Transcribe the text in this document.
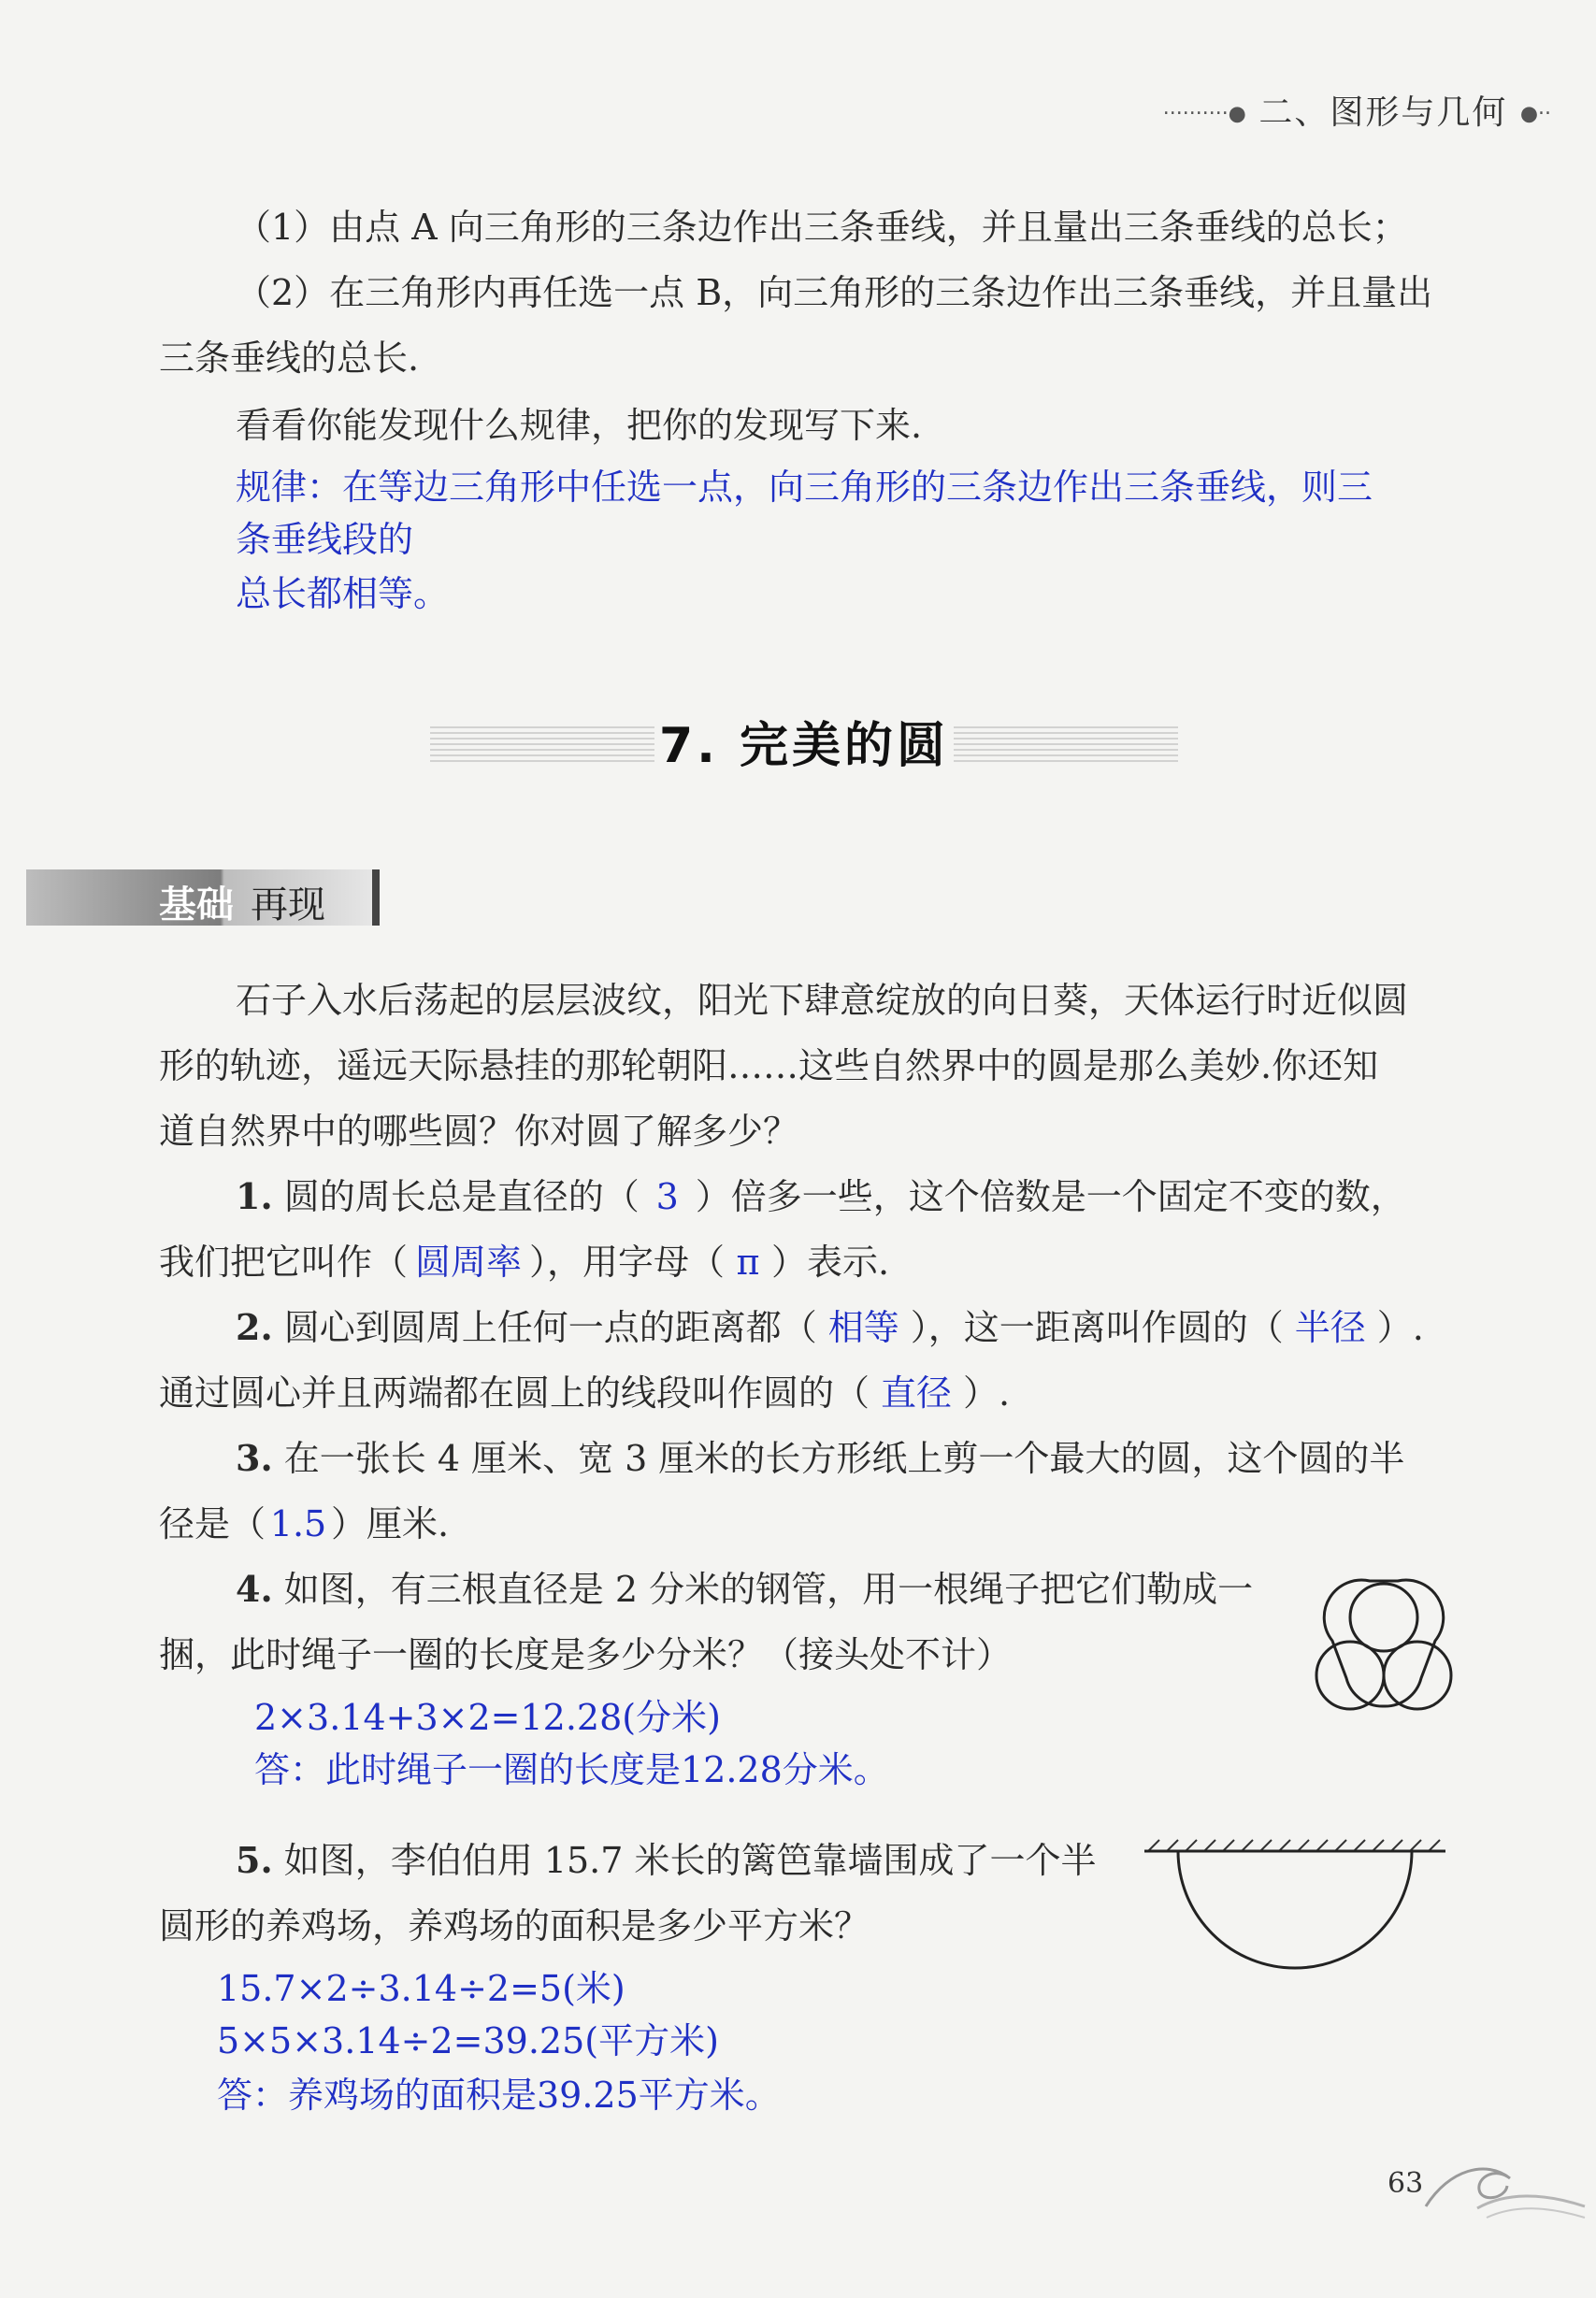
··········● 二、图形与几何 ●··
（1）由点 A 向三角形的三条边作出三条垂线，并且量出三条垂线的总长；
（2）在三角形内再任选一点 B，向三角形的三条边作出三条垂线，并且量出
三条垂线的总长.
看看你能发现什么规律，把你的发现写下来.
规律：在等边三角形中任选一点，向三角形的三条边作出三条垂线，则三
条垂线段的
总长都相等。
7. 完美的圆
基础 再现
石子入水后荡起的层层波纹，阳光下肆意绽放的向日葵，天体运行时近似圆
形的轨迹，遥远天际悬挂的那轮朝阳……这些自然界中的圆是那么美妙.你还知
道自然界中的哪些圆？你对圆了解多少？
1. 圆的周长总是直径的（ 3 ）倍多一些，这个倍数是一个固定不变的数，
我们把它叫作（ 圆周率 ），用字母（ π ）表示.
2. 圆心到圆周上任何一点的距离都（ 相等 ），这一距离叫作圆的（ 半径 ）.
通过圆心并且两端都在圆上的线段叫作圆的（ 直径 ）.
3. 在一张长 4 厘米、宽 3 厘米的长方形纸上剪一个最大的圆，这个圆的半
径是（ 1.5 ）厘米.
4. 如图，有三根直径是 2 分米的钢管，用一根绳子把它们勒成一
捆，此时绳子一圈的长度是多少分米？（接头处不计）
2×3.14+3×2=12.28(分米)
答：此时绳子一圈的长度是12.28分米。
5. 如图，李伯伯用 15.7 米长的篱笆靠墙围成了一个半
圆形的养鸡场，养鸡场的面积是多少平方米？
15.7×2÷3.14÷2=5(米)
5×5×3.14÷2=39.25(平方米)
答：养鸡场的面积是39.25平方米。
63
